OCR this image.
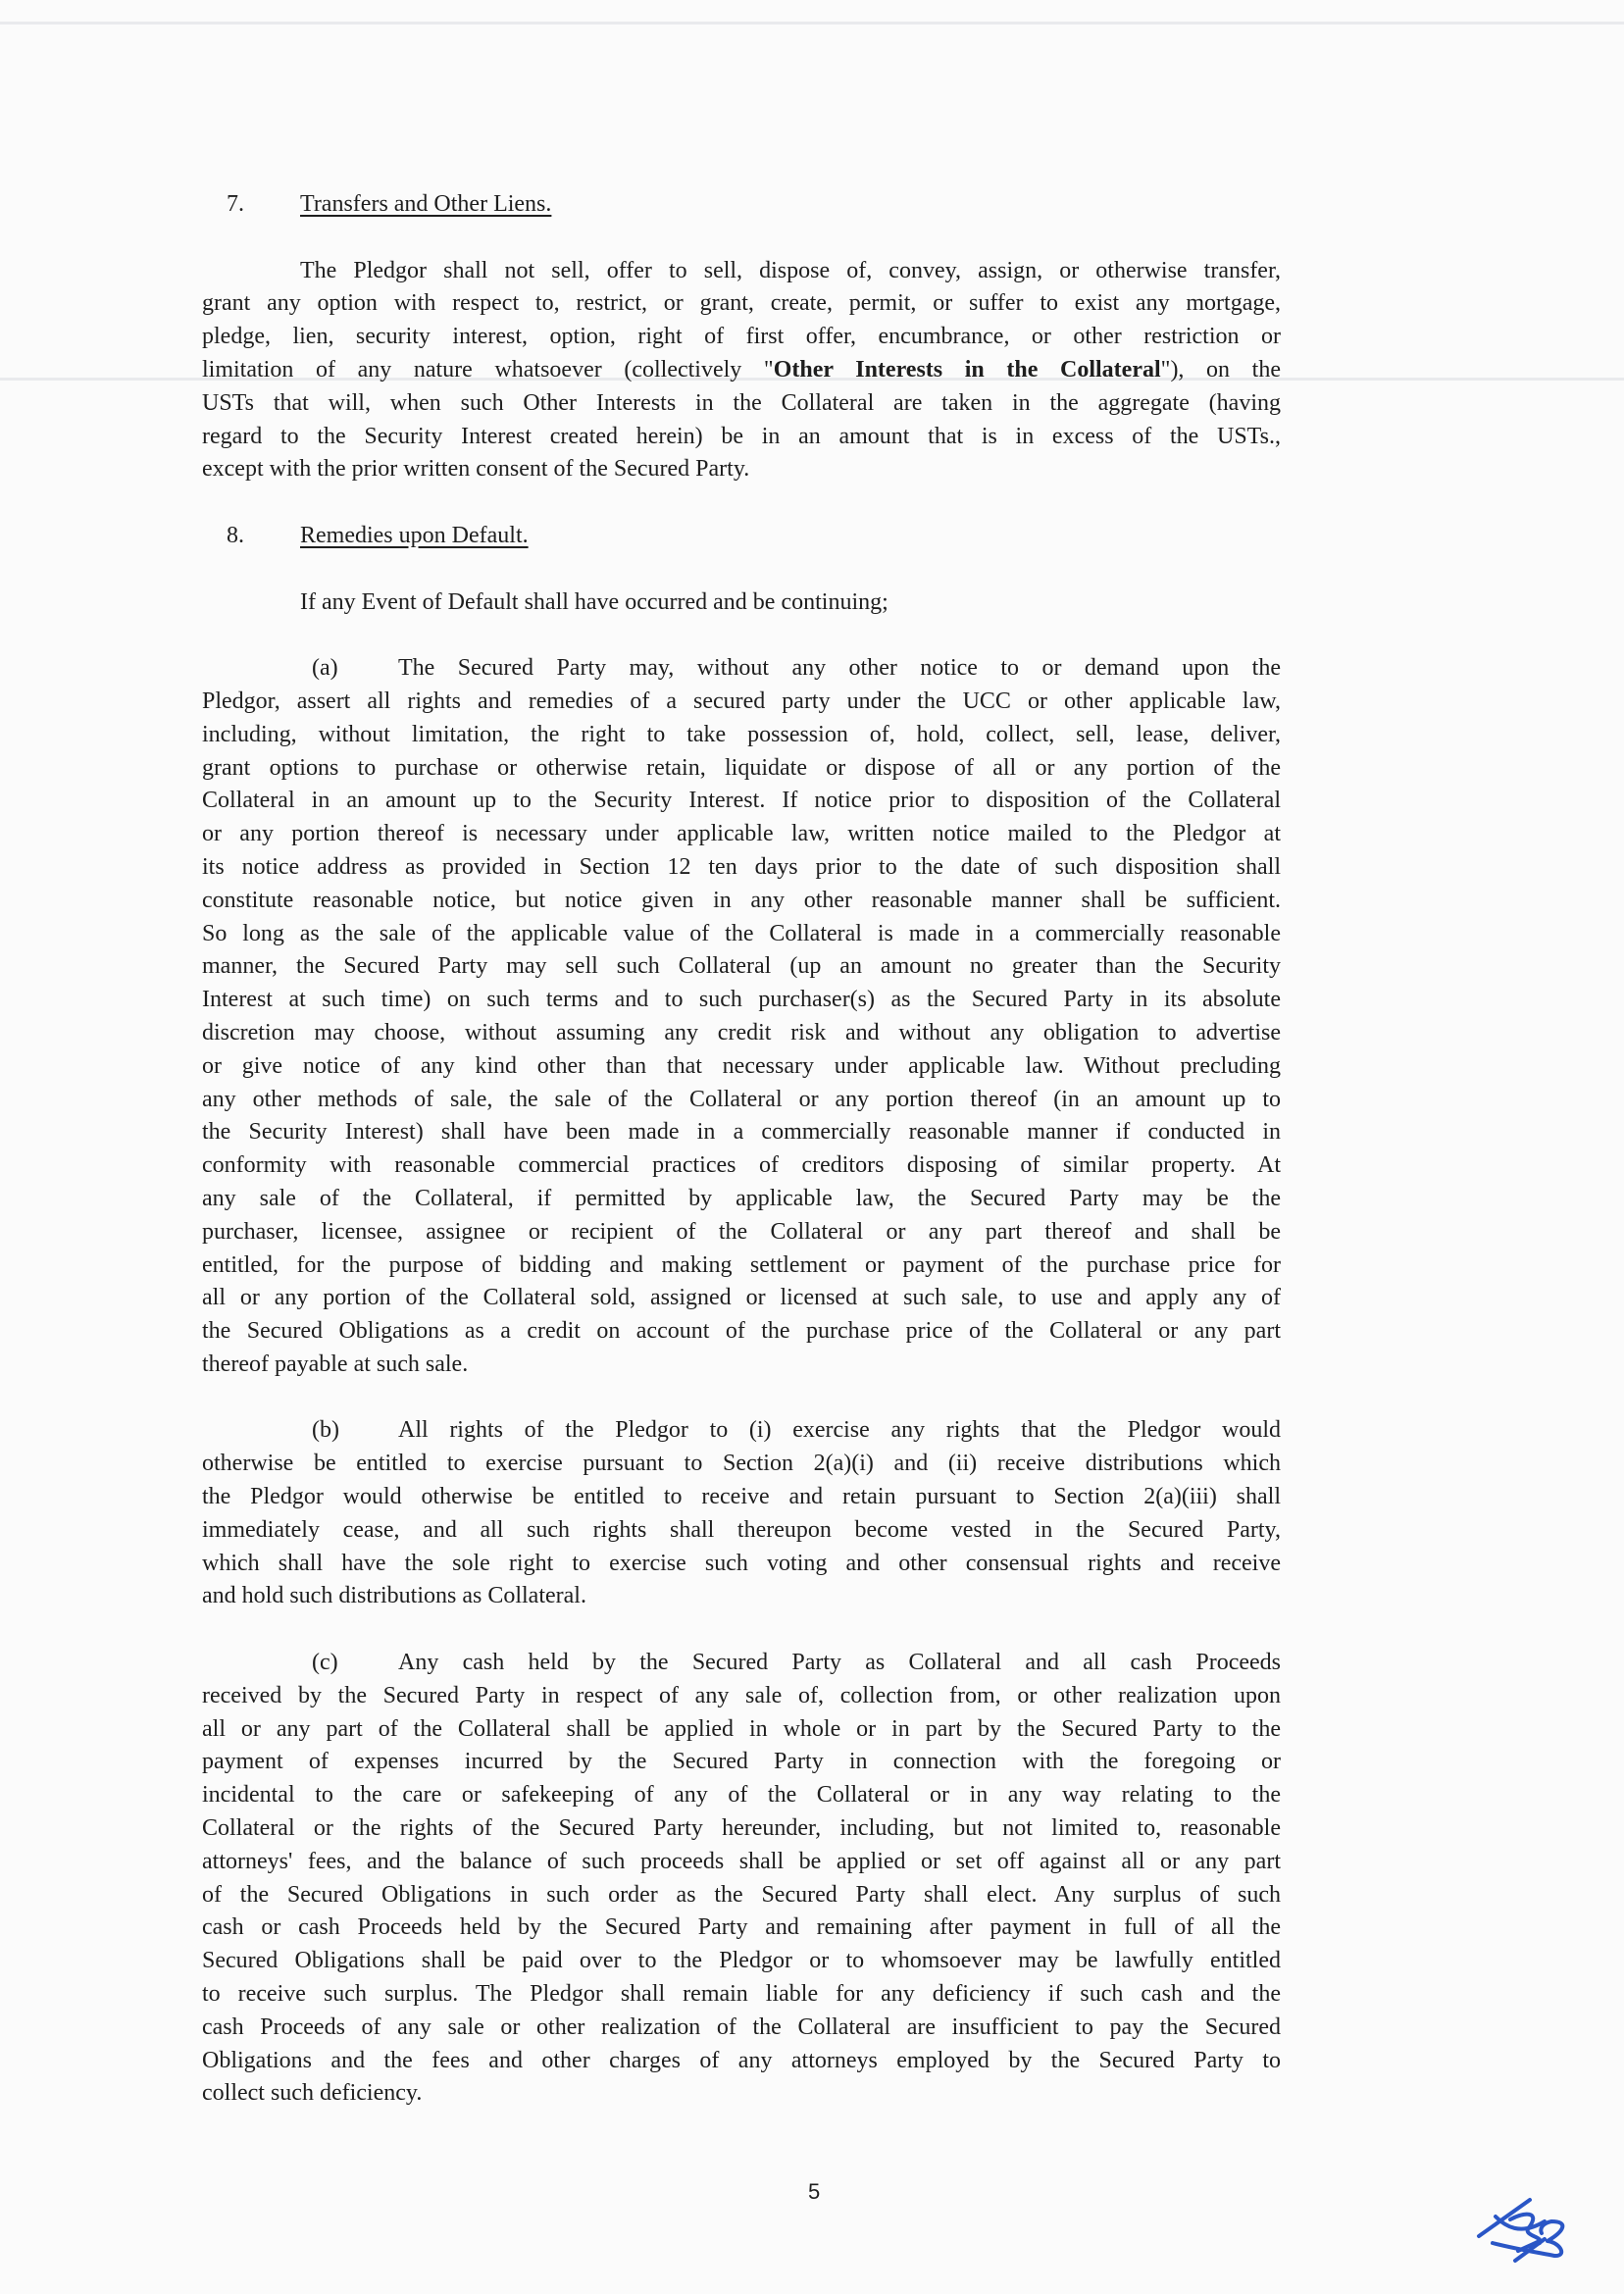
7. Transfers and Other Liens.
The Pledgor shall not sell, offer to sell, dispose of, convey, assign, or otherwise transfer,
grant any option with respect to, restrict, or grant, create, permit, or suffer to exist any mortgage,
pledge, lien, security interest, option, right of first offer, encumbrance, or other restriction or
limitation of any nature whatsoever (collectively "Other Interests in the Collateral"), on the
USTs that will, when such Other Interests in the Collateral are taken in the aggregate (having
regard to the Security Interest created herein) be in an amount that is in excess of the USTs.,
except with the prior written consent of the Secured Party.
8. Remedies upon Default.
If any Event of Default shall have occurred and be continuing;
(a)	The Secured Party may, without any other notice to or demand upon the
Pledgor, assert all rights and remedies of a secured party under the UCC or other applicable law,
including, without limitation, the right to take possession of, hold, collect, sell, lease, deliver,
grant options to purchase or otherwise retain, liquidate or dispose of all or any portion of the
Collateral in an amount up to the Security Interest. If notice prior to disposition of the Collateral
or any portion thereof is necessary under applicable law, written notice mailed to the Pledgor at
its notice address as provided in Section 12 ten days prior to the date of such disposition shall
constitute reasonable notice, but notice given in any other reasonable manner shall be sufficient.
So long as the sale of the applicable value of the Collateral is made in a commercially reasonable
manner, the Secured Party may sell such Collateral (up an amount no greater than the Security
Interest at such time) on such terms and to such purchaser(s) as the Secured Party in its absolute
discretion may choose, without assuming any credit risk and without any obligation to advertise
or give notice of any kind other than that necessary under applicable law. Without precluding
any other methods of sale, the sale of the Collateral or any portion thereof (in an amount up to
the Security Interest) shall have been made in a commercially reasonable manner if conducted in
conformity with reasonable commercial practices of creditors disposing of similar property. At
any sale of the Collateral, if permitted by applicable law, the Secured Party may be the
purchaser, licensee, assignee or recipient of the Collateral or any part thereof and shall be
entitled, for the purpose of bidding and making settlement or payment of the purchase price for
all or any portion of the Collateral sold, assigned or licensed at such sale, to use and apply any of
the Secured Obligations as a credit on account of the purchase price of the Collateral or any part
thereof payable at such sale.
(b)	All rights of the Pledgor to (i) exercise any rights that the Pledgor would
otherwise be entitled to exercise pursuant to Section 2(a)(i) and (ii) receive distributions which
the Pledgor would otherwise be entitled to receive and retain pursuant to Section 2(a)(iii) shall
immediately cease, and all such rights shall thereupon become vested in the Secured Party,
which shall have the sole right to exercise such voting and other consensual rights and receive
and hold such distributions as Collateral.
(c)	Any cash held by the Secured Party as Collateral and all cash Proceeds
received by the Secured Party in respect of any sale of, collection from, or other realization upon
all or any part of the Collateral shall be applied in whole or in part by the Secured Party to the
payment of expenses incurred by the Secured Party in connection with the foregoing or
incidental to the care or safekeeping of any of the Collateral or in any way relating to the
Collateral or the rights of the Secured Party hereunder, including, but not limited to, reasonable
attorneys' fees, and the balance of such proceeds shall be applied or set off against all or any part
of the Secured Obligations in such order as the Secured Party shall elect. Any surplus of such
cash or cash Proceeds held by the Secured Party and remaining after payment in full of all the
Secured Obligations shall be paid over to the Pledgor or to whomsoever may be lawfully entitled
to receive such surplus. The Pledgor shall remain liable for any deficiency if such cash and the
cash Proceeds of any sale or other realization of the Collateral are insufficient to pay the Secured
Obligations and the fees and other charges of any attorneys employed by the Secured Party to
collect such deficiency.
5
